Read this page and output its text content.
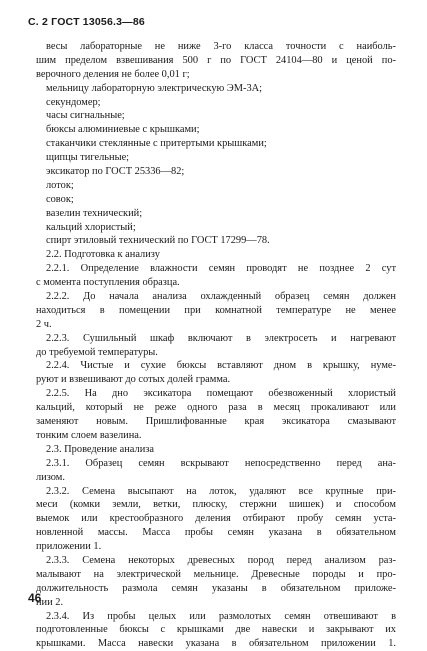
С. 2 ГОСТ 13056.3—86
весы лабораторные не ниже 3-го класса точности с наиболь-
шим пределом взвешивания 500 г по ГОСТ 24104—80 и ценой по-
верочного деления не более 0,01 г;
мельницу лабораторную электрическую ЭМ-3А;
секундомер;
часы сигнальные;
бюксы алюминиевые с крышками;
стаканчики стеклянные с притертыми крышками;
щипцы тигельные;
эксикатор по ГОСТ 25336—82;
лоток;
совок;
вазелин технический;
кальций хлористый;
спирт этиловый технический по ГОСТ 17299—78.
2.2. Подготовка к анализу
2.2.1. Определение влажности семян проводят не позднее 2 сут
с момента поступления образца.
2.2.2. До начала анализа охлажденный образец семян должен
находиться в помещении при комнатной температуре не менее
2 ч.
2.2.3. Сушильный шкаф включают в электросеть и нагревают
до требуемой температуры.
2.2.4. Чистые и сухие бюксы вставляют дном в крышку, нуме-
руют и взвешивают до сотых долей грамма.
2.2.5. На дно эксикатора помещают обезвоженный хлористый
кальций, который не реже одного раза в месяц прокаливают или
заменяют новым. Пришлифованные края эксикатора смазывают
тонким слоем вазелина.
2.3. Проведение анализа
2.3.1. Образец семян вскрывают непосредственно перед ана-
лизом.
2.3.2. Семена высыпают на лоток, удаляют все крупные при-
меси (комки земли, ветки, плюску, стержни шишек) и способом
выемок или крестообразного деления отбирают пробу семян уста-
новленной массы. Масса пробы семян указана в обязательном
приложении 1.
2.3.3. Семена некоторых древесных пород перед анализом раз-
малывают на электрической мельнице. Древесные породы и про-
должительность размола семян указаны в обязательном приложе-
нии 2.
2.3.4. Из пробы целых или размолотых семян отвешивают в
подготовленные бюксы с крышками две навески и закрывают их
крышками. Масса навески указана в обязательном приложении 1.
46
